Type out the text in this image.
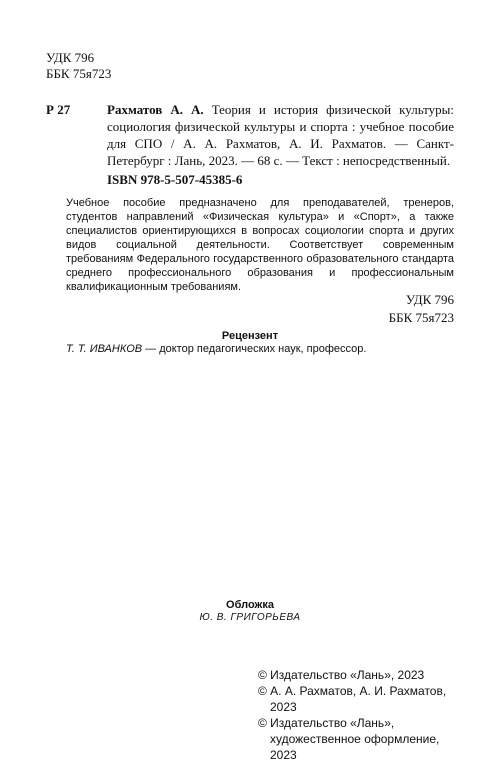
УДК 796
ББК 75я723
Р 27	Рахматов А. А. Теория и история физической культуры: социология физической культуры и спорта : учебное пособие для СПО / А. А. Рахматов, А. И. Рахматов. — Санкт-Петербург : Лань, 2023. — 68 с. — Текст : непосредственный.
ISBN 978-5-507-45385-6

Учебное пособие предназначено для преподавателей, тренеров, студентов направлений «Физическая культура» и «Спорт», а также специалистов ориентирующихся в вопросах социологии спорта и других видов социальной деятельности. Соответствует современным требованиям Федерального государственного образовательного стандарта среднего профессионального образования и профессиональным квалификационным требованиям.

УДК 796
ББК 75я723
Рецензент
Т. Т. ИВАНКОВ — доктор педагогических наук, профессор.
Обложка
Ю. В. ГРИГОРЬЕВА
© Издательство «Лань», 2023
© А. А. Рахматов, А. И. Рахматов, 2023
© Издательство «Лань», художественное оформление, 2023
